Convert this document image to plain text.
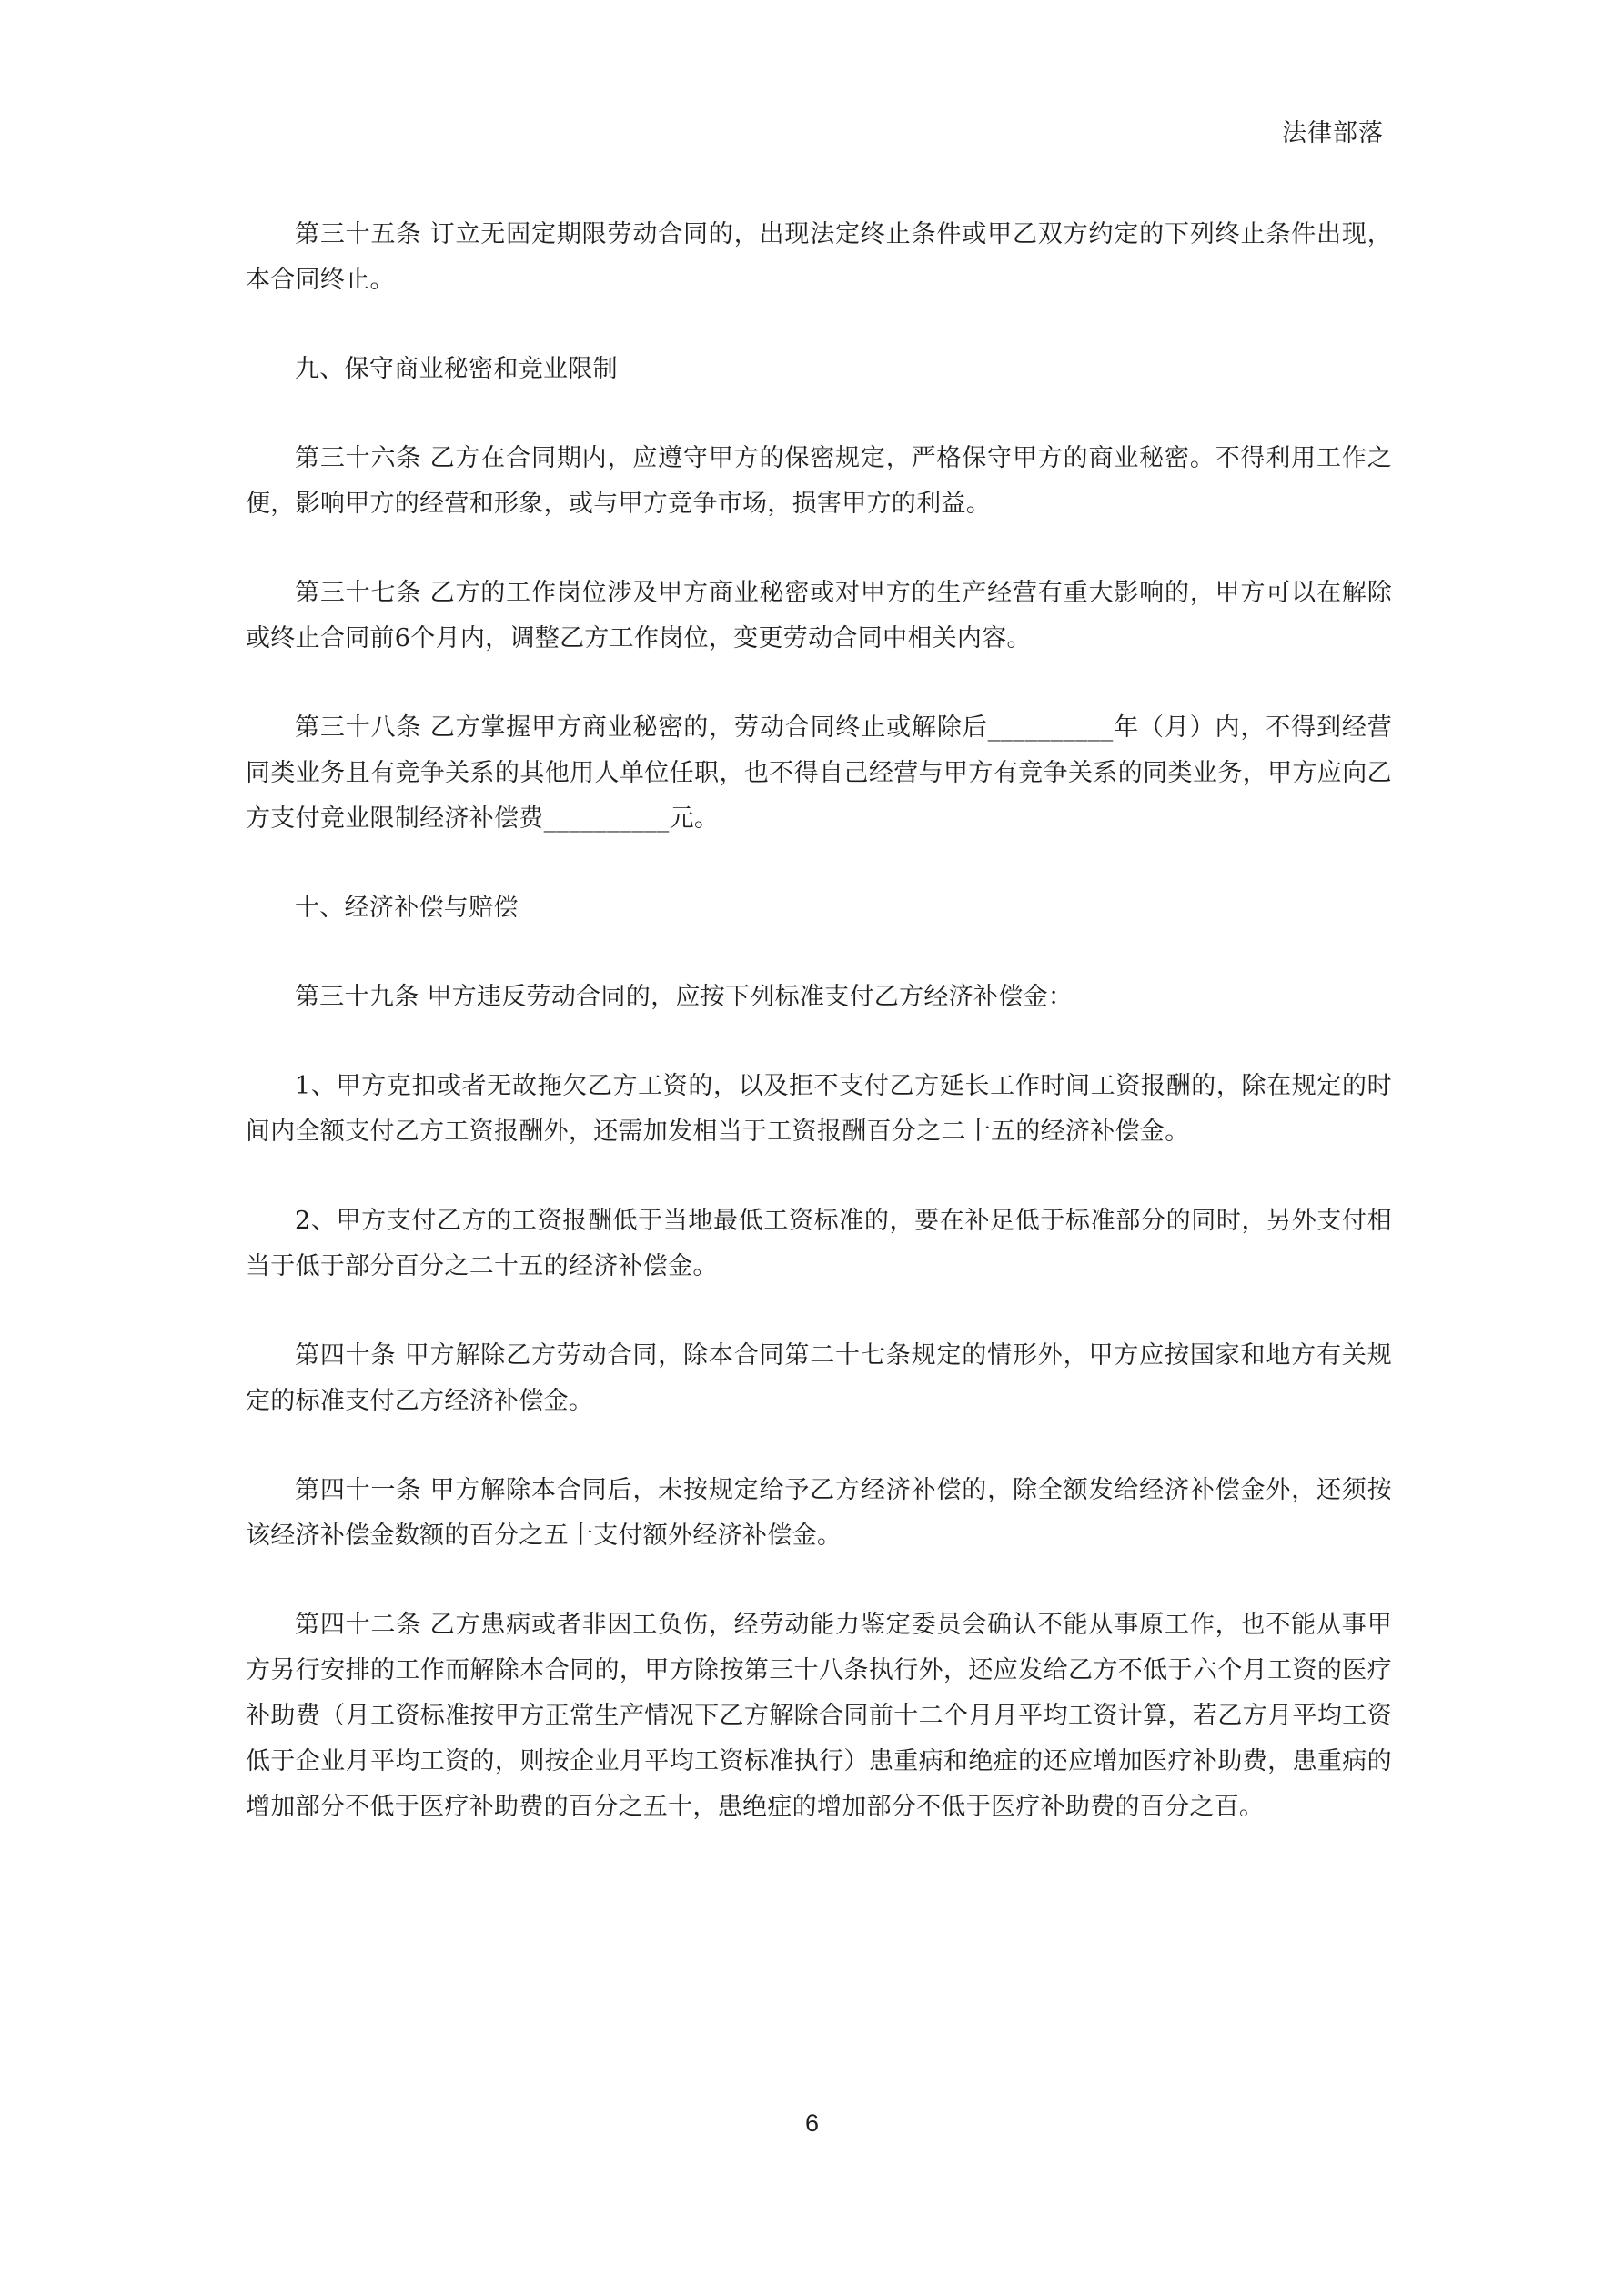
法律部落

第三十五条 订立无固定期限劳动合同的，出现法定终止条件或甲乙双方约定的下列终止条件出现，本合同终止。

九、保守商业秘密和竞业限制

第三十六条 乙方在合同期内，应遵守甲方的保密规定，严格保守甲方的商业秘密。不得利用工作之便，影响甲方的经营和形象，或与甲方竞争市场，损害甲方的利益。

第三十七条 乙方的工作岗位涉及甲方商业秘密或对甲方的生产经营有重大影响的，甲方可以在解除或终止合同前6个月内，调整乙方工作岗位，变更劳动合同中相关内容。

第三十八条 乙方掌握甲方商业秘密的，劳动合同终止或解除后__________年（月）内，不得到经营同类业务且有竞争关系的其他用人单位任职，也不得自己经营与甲方有竞争关系的同类业务，甲方应向乙方支付竞业限制经济补偿费__________元。

十、经济补偿与赔偿

第三十九条 甲方违反劳动合同的，应按下列标准支付乙方经济补偿金：

1、甲方克扣或者无故拖欠乙方工资的，以及拒不支付乙方延长工作时间工资报酬的，除在规定的时间内全额支付乙方工资报酬外，还需加发相当于工资报酬百分之二十五的经济补偿金。

2、甲方支付乙方的工资报酬低于当地最低工资标准的，要在补足低于标准部分的同时，另外支付相当于低于部分百分之二十五的经济补偿金。

第四十条 甲方解除乙方劳动合同，除本合同第二十七条规定的情形外，甲方应按国家和地方有关规定的标准支付乙方经济补偿金。

第四十一条 甲方解除本合同后，未按规定给予乙方经济补偿的，除全额发给经济补偿金外，还须按该经济补偿金数额的百分之五十支付额外经济补偿金。

第四十二条 乙方患病或者非因工负伤，经劳动能力鉴定委员会确认不能从事原工作，也不能从事甲方另行安排的工作而解除本合同的，甲方除按第三十八条执行外，还应发给乙方不低于六个月工资的医疗补助费（月工资标准按甲方正常生产情况下乙方解除合同前十二个月月平均工资计算，若乙方月平均工资低于企业月平均工资的，则按企业月平均工资标准执行）患重病和绝症的还应增加医疗补助费，患重病的增加部分不低于医疗补助费的百分之五十，患绝症的增加部分不低于医疗补助费的百分之百。

6
